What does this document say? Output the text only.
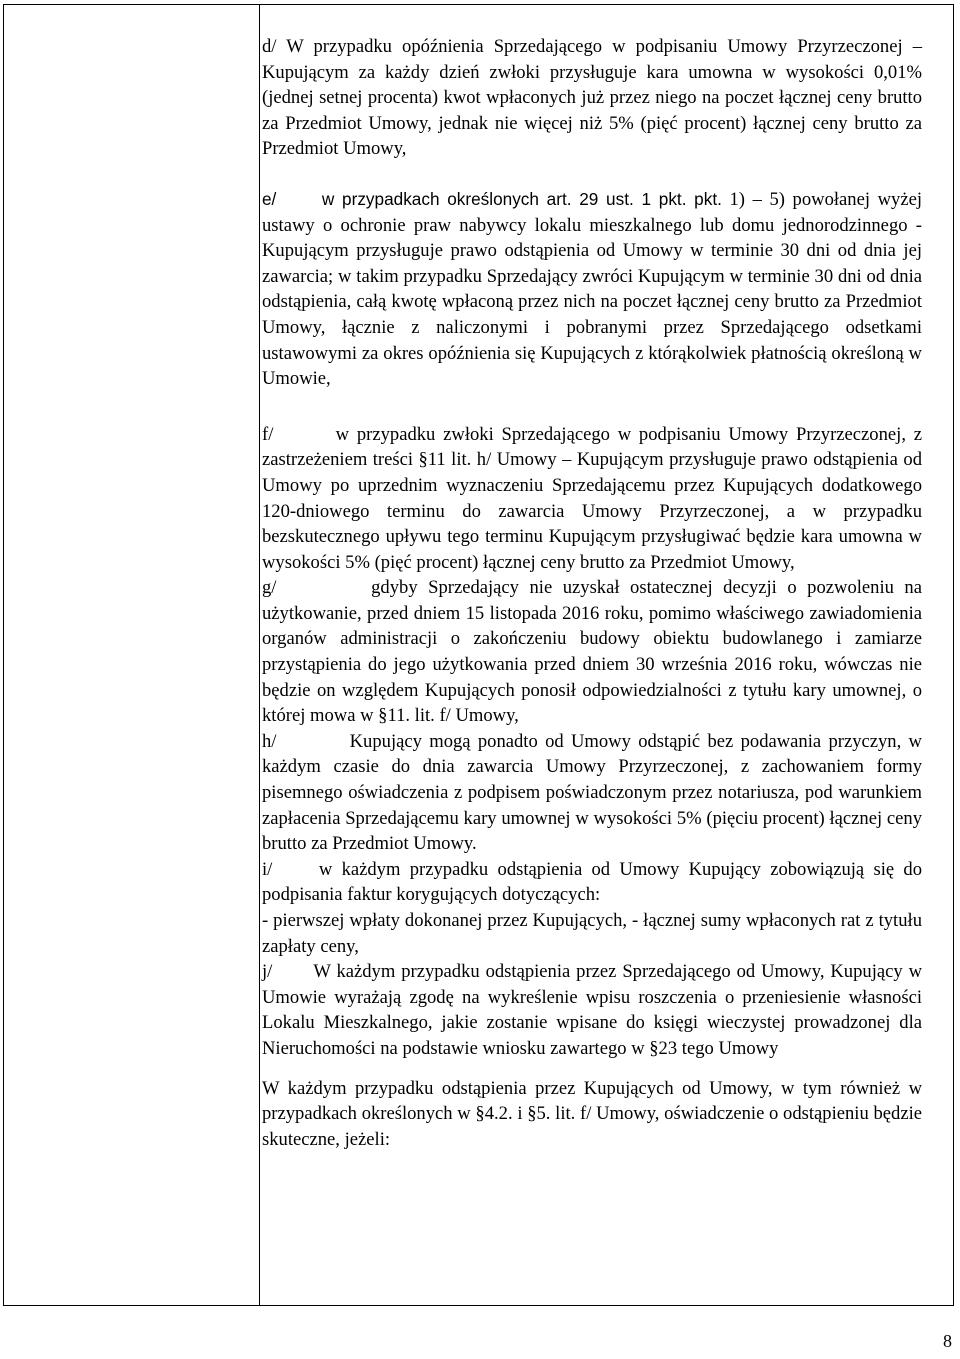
d/ W przypadku opóźnienia Sprzedającego w podpisaniu Umowy Przyrzeczonej – Kupującym za każdy dzień zwłoki przysługuje kara umowna w wysokości 0,01% (jednej setnej procenta) kwot wpłaconych już przez niego na poczet łącznej ceny brutto za Przedmiot Umowy, jednak nie więcej niż 5% (pięć procent) łącznej ceny brutto za Przedmiot Umowy,

e/	w przypadkach określonych art. 29 ust. 1 pkt. pkt. 1) – 5) powołanej wyżej ustawy o ochronie praw nabywcy lokalu mieszkalnego lub domu jednorodzinnego - Kupującym przysługuje prawo odstąpienia od Umowy w terminie 30 dni od dnia jej zawarcia; w takim przypadku Sprzedający zwróci Kupującym w terminie 30 dni od dnia odstąpienia, całą kwotę wpłaconą przez nich na poczet łącznej ceny brutto za Przedmiot Umowy, łącznie z naliczonymi i pobranymi przez Sprzedającego odsetkami ustawowymi za okres opóźnienia się Kupujących z którąkolwiek płatnością określoną w Umowie,

f/	w przypadku zwłoki Sprzedającego w podpisaniu Umowy Przyrzeczonej, z zastrzeżeniem treści §11 lit. h/ Umowy – Kupującym przysługuje prawo odstąpienia od Umowy po uprzednim wyznaczeniu Sprzedającemu przez Kupujących dodatkowego 120-dniowego terminu do zawarcia Umowy Przyrzeczonej, a w przypadku bezskutecznego upływu tego terminu Kupującym przysługiwać będzie kara umowna w wysokości 5% (pięć procent) łącznej ceny brutto za Przedmiot Umowy,

g/	gdyby Sprzedający nie uzyskał ostatecznej decyzji o pozwoleniu na użytkowanie, przed dniem 15 listopada 2016 roku, pomimo właściwego zawiadomienia organów administracji o zakończeniu budowy obiektu budowlanego i zamiarze przystąpienia do jego użytkowania przed dniem 30 września 2016 roku, wówczas nie będzie on względem Kupujących ponosił odpowiedzialności z tytułu kary umownej, o której mowa w §11. lit. f/ Umowy,

h/	Kupujący mogą ponadto od Umowy odstąpić bez podawania przyczyn, w każdym czasie do dnia zawarcia Umowy Przyrzeczonej, z zachowaniem formy pisemnego oświadczenia z podpisem poświadczonym przez notariusza, pod warunkiem zapłacenia Sprzedającemu kary umownej w wysokości 5% (pięciu procent) łącznej ceny brutto za Przedmiot Umowy.

i/	w każdym przypadku odstąpienia od Umowy Kupujący zobowiązują się do podpisania faktur korygujących dotyczących:

- pierwszej wpłaty dokonanej przez Kupujących, - łącznej sumy wpłaconych rat z tytułu zapłaty ceny,

j/ W każdym przypadku odstąpienia przez Sprzedającego od Umowy, Kupujący w Umowie wyrażają zgodę na wykreślenie wpisu roszczenia o przeniesienie własności Lokalu Mieszkalnego, jakie zostanie wpisane do księgi wieczystej prowadzonej dla Nieruchomości na podstawie wniosku zawartego w §23 tego Umowy

W każdym przypadku odstąpienia przez Kupujących od Umowy, w tym również w przypadkach określonych w §4.2. i §5. lit. f/ Umowy, oświadczenie o odstąpieniu będzie skuteczne, jeżeli:

8
